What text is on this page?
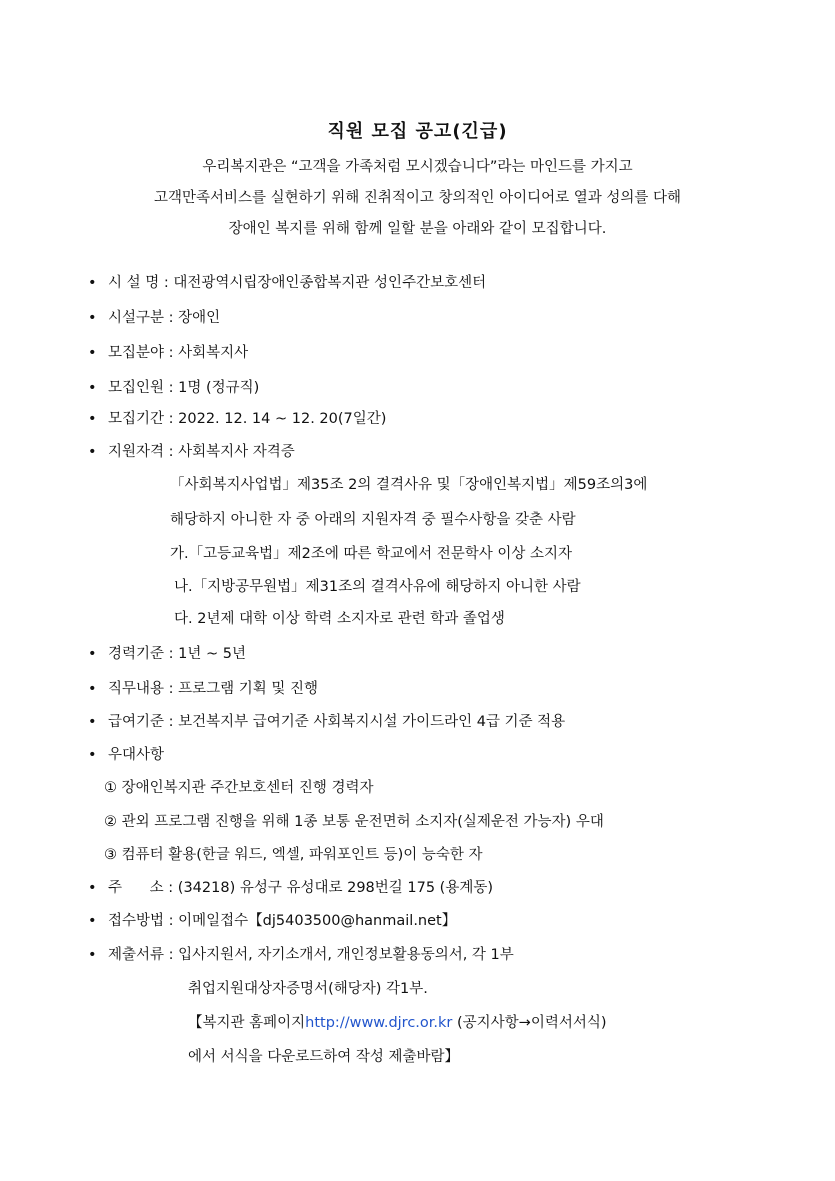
직원 모집 공고(긴급)
우리복지관은 “고객을 가족처럼 모시겠습니다”라는 마인드를 가지고
고객만족서비스를 실현하기 위해 진취적이고 창의적인 아이디어로 열과 성의를 다해
장애인 복지를 위해 함께 일할 분을 아래와 같이 모집합니다.
• 시 설 명 : 대전광역시립장애인종합복지관 성인주간보호센터
• 시설구분 : 장애인
• 모집분야 : 사회복지사
• 모집인원 : 1명 (정규직)
• 모집기간 : 2022. 12. 14 ~ 12. 20(7일간)
• 지원자격 : 사회복지사 자격증
「사회복지사업법」제35조 2의 결격사유 및「장애인복지법」제59조의3에
해당하지 아니한 자 중 아래의 지원자격 중 필수사항을 갖춘 사람
가.「고등교육법」제2조에 따른 학교에서 전문학사 이상 소지자
나.「지방공무원법」제31조의 결격사유에 해당하지 아니한 사람
다. 2년제 대학 이상 학력 소지자로 관련 학과 졸업생
• 경력기준 : 1년 ~ 5년
• 직무내용 : 프로그램 기획 및 진행
• 급여기준 : 보건복지부 급여기준 사회복지시설 가이드라인 4급 기준 적용
• 우대사항
① 장애인복지관 주간보호센터 진행 경력자
② 관외 프로그램 진행을 위해 1종 보통 운전면허 소지자(실제운전 가능자) 우대
③ 컴퓨터 활용(한글 워드, 엑셀, 파워포인트 등)이 능숙한 자
• 주      소 : (34218) 유성구 유성대로 298번길 175 (용계동)
• 접수방법 : 이메일접수【dj5403500@hanmail.net】
• 제출서류 : 입사지원서, 자기소개서, 개인정보활용동의서, 각 1부
취업지원대상자증명서(해당자) 각1부.
【복지관 홈페이지http://www.djrc.or.kr (공지사항→이력서서식)
에서 서식을 다운로드하여 작성 제출바람】
